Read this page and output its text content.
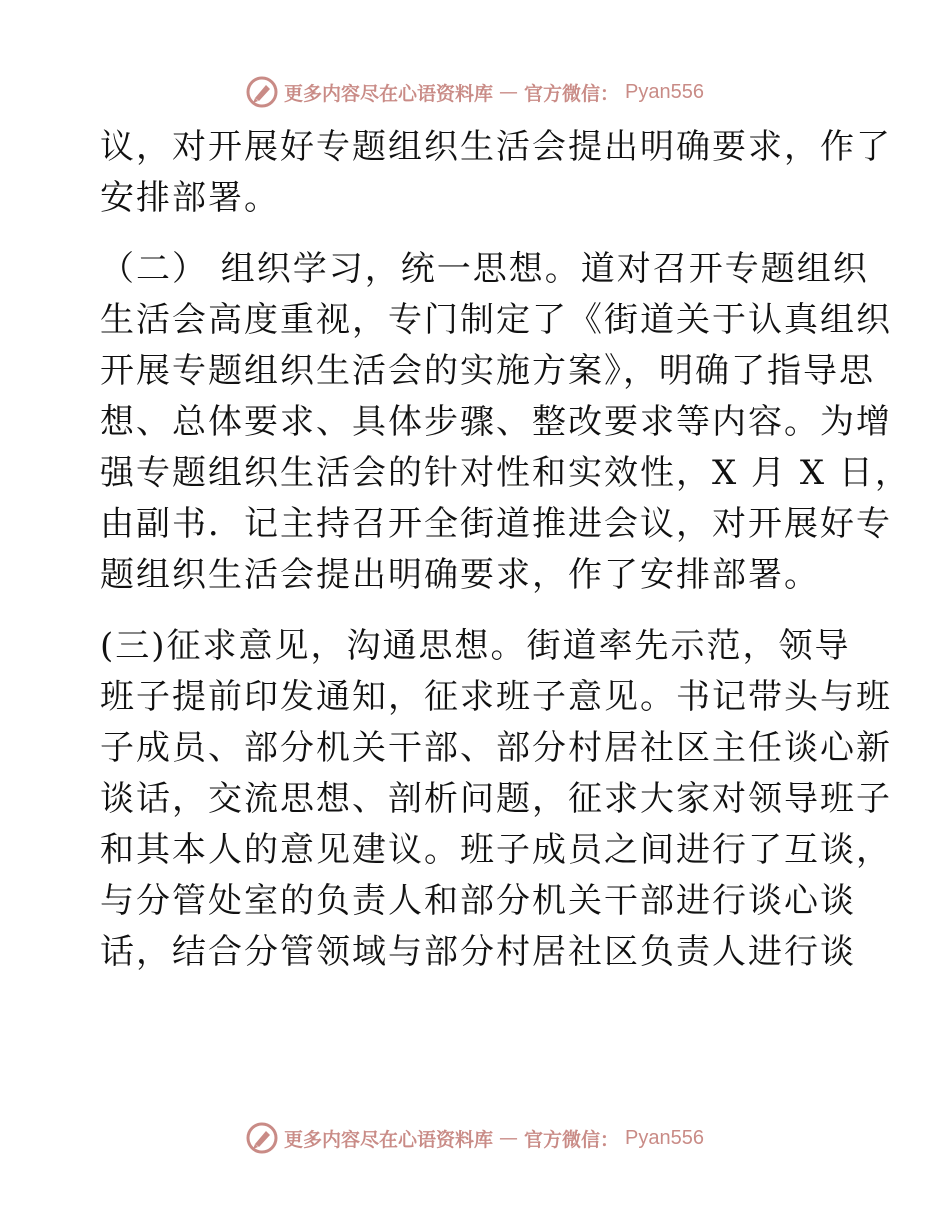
更多内容尽在心语资料库 — 官方微信： Pyan556
议，对开展好专题组织生活会提出明确要求，作了
安排部署。
（二） 组织学习，统一思想。道对召开专题组织
生活会高度重视，专门制定了《街道关于认真组织
开展专题组织生活会的实施方案》，明确了指导思
想、总体要求、具体步骤、整改要求等内容。为增
强专题组织生活会的针对性和实效性，X 月 X 日，
由副书．记主持召开全街道推进会议，对开展好专
题组织生活会提出明确要求，作了安排部署。
(三)征求意见，沟通思想。街道率先示范，领导
班子提前印发通知，征求班子意见。书记带头与班
子成员、部分机关干部、部分村居社区主任谈心新
谈话，交流思想、剖析问题，征求大家对领导班子
和其本人的意见建议。班子成员之间进行了互谈，
与分管处室的负责人和部分机关干部进行谈心谈
话，结合分管领域与部分村居社区负责人进行谈
更多内容尽在心语资料库 — 官方微信： Pyan556
